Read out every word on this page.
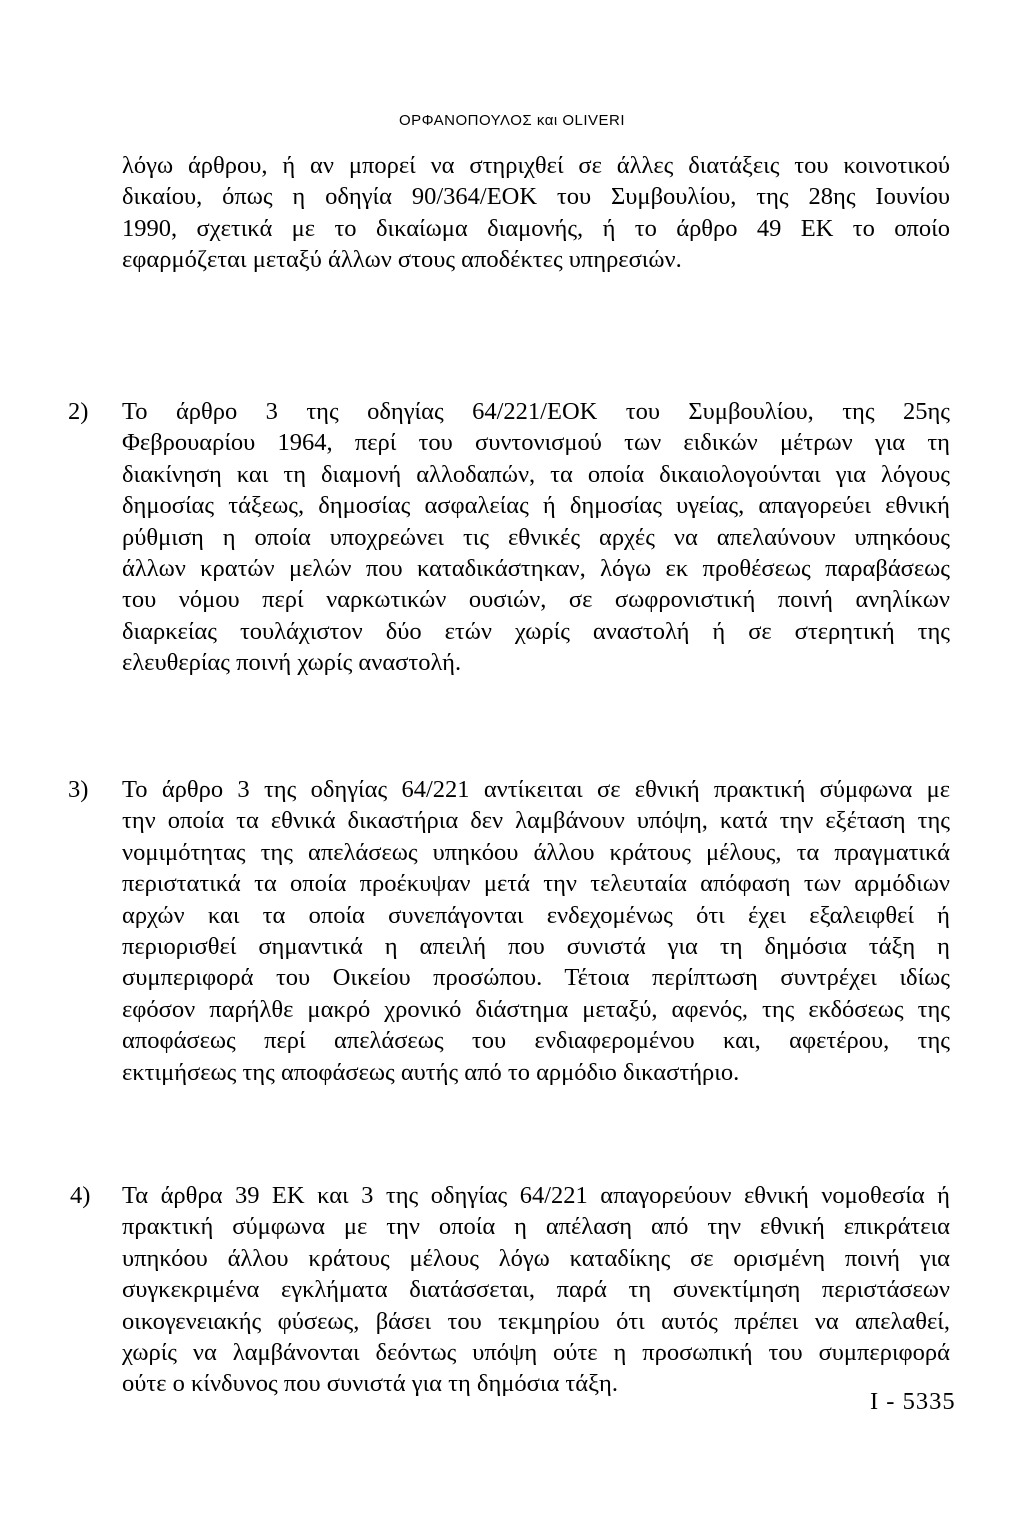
ΟΡΦΑΝΟΠΟΥΛΟΣ και OLIVERI
λόγω άρθρου, ή αν μπορεί να στηριχθεί σε άλλες διατάξεις του κοινοτικού
δικαίου, όπως η οδηγία 90/364/ΕΟΚ του Συμβουλίου, της 28ης Ιουνίου
1990, σχετικά με το δικαίωμα διαμονής, ή το άρθρο 49 ΕΚ το οποίο
εφαρμόζεται μεταξύ άλλων στους αποδέκτες υπηρεσιών.
2) Το άρθρο 3 της οδηγίας 64/221/ΕΟΚ του Συμβουλίου, της 25ης
Φεβρουαρίου 1964, περί του συντονισμού των ειδικών μέτρων για τη
διακίνηση και τη διαμονή αλλοδαπών, τα οποία δικαιολογούνται για λόγους
δημοσίας τάξεως, δημοσίας ασφαλείας ή δημοσίας υγείας, απαγορεύει εθνική
ρύθμιση η οποία υποχρεώνει τις εθνικές αρχές να απελαύνουν υπηκόους
άλλων κρατών μελών που καταδικάστηκαν, λόγω εκ προθέσεως παραβάσεως
του νόμου περί ναρκωτικών ουσιών, σε σωφρονιστική ποινή ανηλίκων
διαρκείας τουλάχιστον δύο ετών χωρίς αναστολή ή σε στερητική της
ελευθερίας ποινή χωρίς αναστολή.
3) Το άρθρο 3 της οδηγίας 64/221 αντίκειται σε εθνική πρακτική σύμφωνα με
την οποία τα εθνικά δικαστήρια δεν λαμβάνουν υπόψη, κατά την εξέταση της
νομιμότητας της απελάσεως υπηκόου άλλου κράτους μέλους, τα πραγματικά
περιστατικά τα οποία προέκυψαν μετά την τελευταία απόφαση των αρμόδιων
αρχών και τα οποία συνεπάγονται ενδεχομένως ότι έχει εξαλειφθεί ή
περιορισθεί σημαντικά η απειλή που συνιστά για τη δημόσια τάξη η
συμπεριφορά του Οικείου προσώπου. Τέτοια περίπτωση συντρέχει ιδίως
εφόσον παρήλθε μακρό χρονικό διάστημα μεταξύ, αφενός, της εκδόσεως της
αποφάσεως περί απελάσεως του ενδιαφερομένου και, αφετέρου, της
εκτιμήσεως της αποφάσεως αυτής από το αρμόδιο δικαστήριο.
4) Τα άρθρα 39 ΕΚ και 3 της οδηγίας 64/221 απαγορεύουν εθνική νομοθεσία ή
πρακτική σύμφωνα με την οποία η απέλαση από την εθνική επικράτεια
υπηκόου άλλου κράτους μέλους λόγω καταδίκης σε ορισμένη ποινή για
συγκεκριμένα εγκλήματα διατάσσεται, παρά τη συνεκτίμηση περιστάσεων
οικογενειακής φύσεως, βάσει του τεκμηρίου ότι αυτός πρέπει να απελαθεί,
χωρίς να λαμβάνονται δεόντως υπόψη ούτε η προσωπική του συμπεριφορά
ούτε ο κίνδυνος που συνιστά για τη δημόσια τάξη.
I - 5335
